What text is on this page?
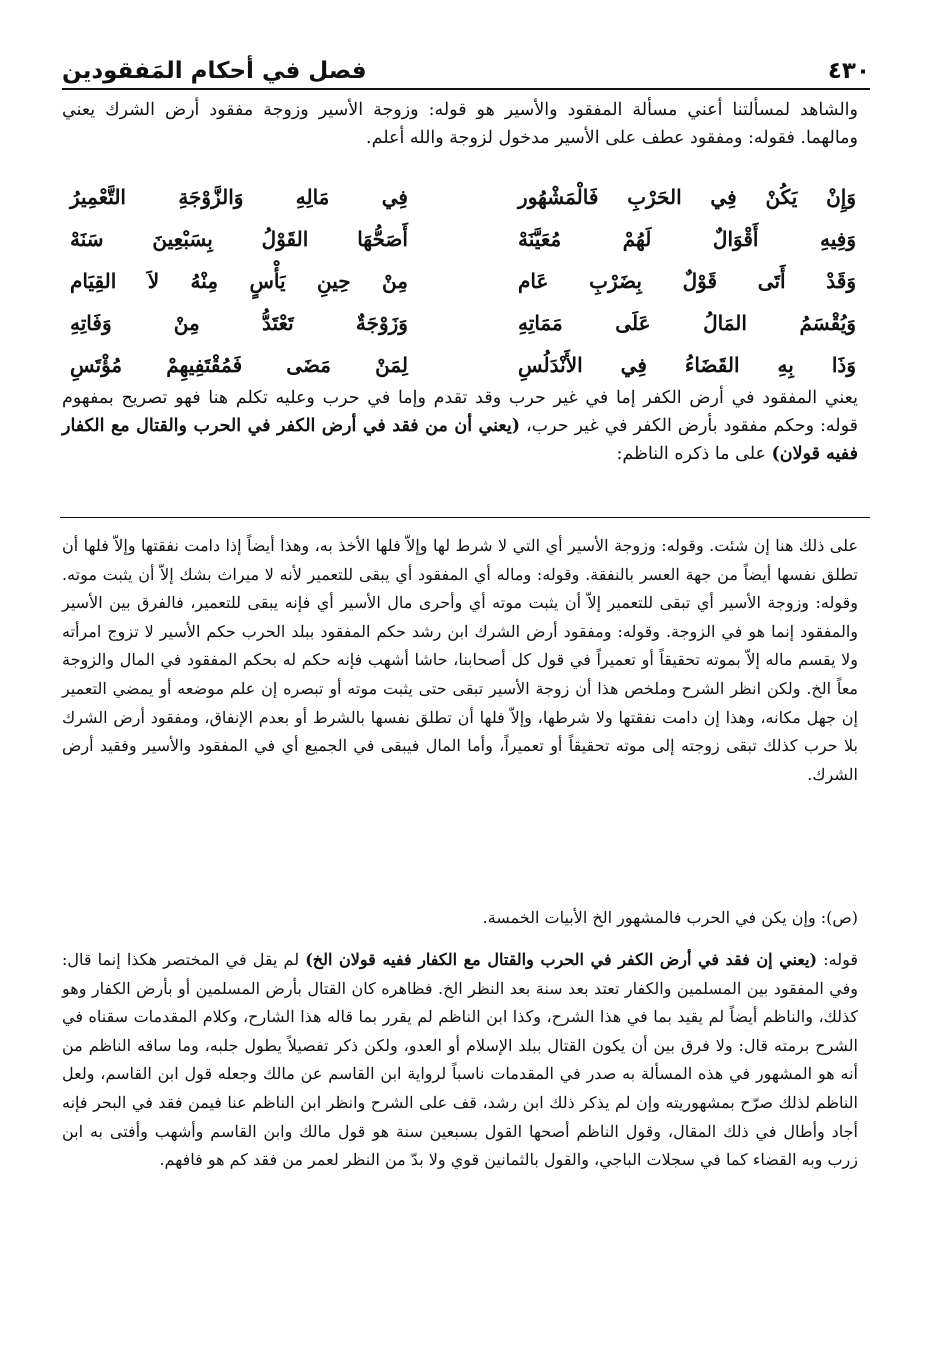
٤٣٠
فصل في أحكام المَفقودين
والشاهد لمسألتنا أعني مسألة المفقود والأسير هو قوله: وزوجة الأسير وزوجة مفقود أرض الشرك يعني ومالهما. فقوله: ومفقود عطف على الأسير مدخول لزوجة والله أعلم.
وَإِنْ يَكُنْ فِي الحَرْبِ فَالْمَشْهُور
فِي مَالِهِ وَالزَّوْجَةِ التَّعْمِيرُ
وَفِيهِ أَقْوَالٌ لَهُمْ مُعَيَّنَهْ
أَصَحُّهَا القَوْلُ بِسَبْعِينَ سَنَهْ
وَقَدْ أَتَى قَوْلٌ بِضَرْبِ عَام
مِنْ حِينِ يَأْسٍ مِنْهُ لاَ القِيَام
وَيُقْسَمُ المَالُ عَلَى مَمَاتِهِ
وَزَوْجَةٌ تَعْتَدُّ مِنْ وَفَاتِهِ
وَذَا بِهِ القَضَاءُ فِي الأَنْدَلُسِ
لِمَنْ مَضَى فَمُقْتَفِيهِمْ مُؤْتَسِ
يعني المفقود في أرض الكفر إما في غير حرب وقد تقدم وإما في حرب وعليه تكلم هنا فهو تصريح بمفهوم قوله: وحكم مفقود بأرض الكفر في غير حرب، (يعني أن من فقد في أرض الكفر في الحرب والقتال مع الكفار ففيه قولان) على ما ذكره الناظم:
على ذلك هنا إن شئت. وقوله: وزوجة الأسير أي التي لا شرط لها وإلاّ فلها الأخذ به، وهذا أيضاً إذا دامت نفقتها وإلاّ فلها أن تطلق نفسها أيضاً من جهة العسر بالنفقة. وقوله: وماله أي المفقود أي يبقى للتعمير لأنه لا ميراث بشك إلاّ أن يثبت موته. وقوله: وزوجة الأسير أي تبقى للتعمير إلاّ أن يثبت موته أي وأحرى مال الأسير أي فإنه يبقى للتعمير، فالفرق بين الأسير والمفقود إنما هو في الزوجة. وقوله: ومفقود أرض الشرك ابن رشد حكم المفقود ببلد الحرب حكم الأسير لا تزوج امرأته ولا يقسم ماله إلاّ بموته تحقيقاً أو تعميراً في قول كل أصحابنا، حاشا أشهب فإنه حكم له بحكم المفقود في المال والزوجة معاً الخ. ولكن انظر الشرح وملخص هذا أن زوجة الأسير تبقى حتى يثبت موته أو تبصره إن علم موضعه أو يمضي التعمير إن جهل مكانه، وهذا إن دامت نفقتها ولا شرطها، وإلاّ فلها أن تطلق نفسها بالشرط أو بعدم الإنفاق، ومفقود أرض الشرك بلا حرب كذلك تبقى زوجته إلى موته تحقيقاً أو تعميراً، وأما المال فيبقى في الجميع أي في المفقود والأسير وفقيد أرض الشرك.
(ص): وإن يكن في الحرب فالمشهور الخ الأبيات الخمسة.
قوله: (يعني إن فقد في أرض الكفر في الحرب والقتال مع الكفار ففيه قولان الخ) لم يقل في المختصر هكذا إنما قال: وفي المفقود بين المسلمين والكفار تعتد بعد سنة بعد النظر الخ. فظاهره كان القتال بأرض المسلمين أو بأرض الكفار وهو كذلك، والناظم أيضاً لم يقيد بما في هذا الشرح، وكذا ابن الناظم لم يقرر بما قاله هذا الشارح، وكلام المقدمات سقناه في الشرح برمته قال: ولا فرق بين أن يكون القتال ببلد الإسلام أو العدو، ولكن ذكر تفصيلاً يطول جلبه، وما ساقه الناظم من أنه هو المشهور في هذه المسألة به صدر في المقدمات ناسباً لرواية ابن القاسم عن مالك وجعله قول ابن القاسم، ولعل الناظم لذلك صرّح بمشهوريته وإن لم يذكر ذلك ابن رشد، قف على الشرح وانظر ابن الناظم عنا فيمن فقد في البحر فإنه أجاد وأطال في ذلك المقال، وقول الناظم أصحها القول بسبعين سنة هو قول مالك وابن القاسم وأشهب وأفتى به ابن زرب وبه القضاء كما في سجلات الباجي، والقول بالثمانين قوي ولا بدّ من النظر لعمر من فقد كم هو فافهم.
